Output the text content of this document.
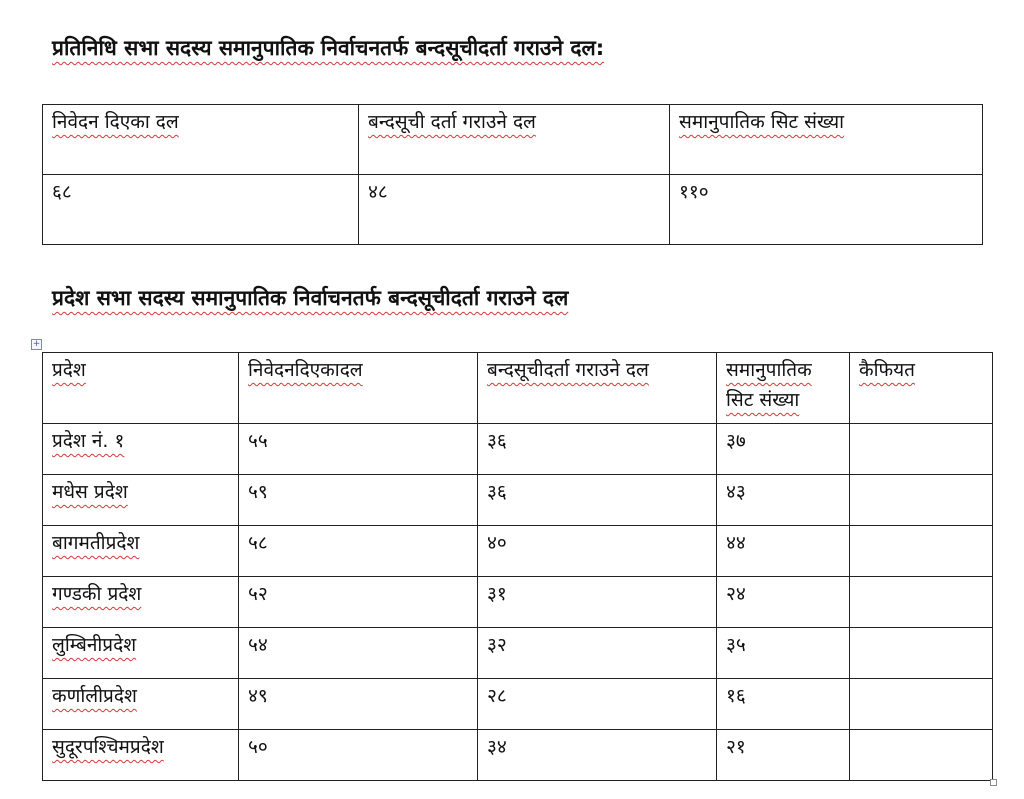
प्रतिनिधि सभा सदस्य समानुपातिक निर्वाचनतर्फ बन्दसूचीदर्ता गराउने दल:
निवेदन दिएका दल	बन्दसूची दर्ता गराउने दल	समानुपातिक सिट संख्या
६८	४८	११०
प्रदेश सभा सदस्य समानुपातिक निर्वाचनतर्फ बन्दसूचीदर्ता गराउने दल
+
प्रदेश	निवेदनदिएकादल	बन्दसूचीदर्ता गराउने दल	समानुपातिक सिट संख्या	कैफियत
प्रदेश नं. १	५५	३६	३७	
मधेस प्रदेश	५९	३६	४३	
बागमतीप्रदेश	५८	४०	४४	
गण्डकी प्रदेश	५२	३१	२४	
लुम्बिनीप्रदेश	५४	३२	३५	
कर्णालीप्रदेश	४९	२८	१६	
सुदूरपश्चिमप्रदेश	५०	३४	२१	
